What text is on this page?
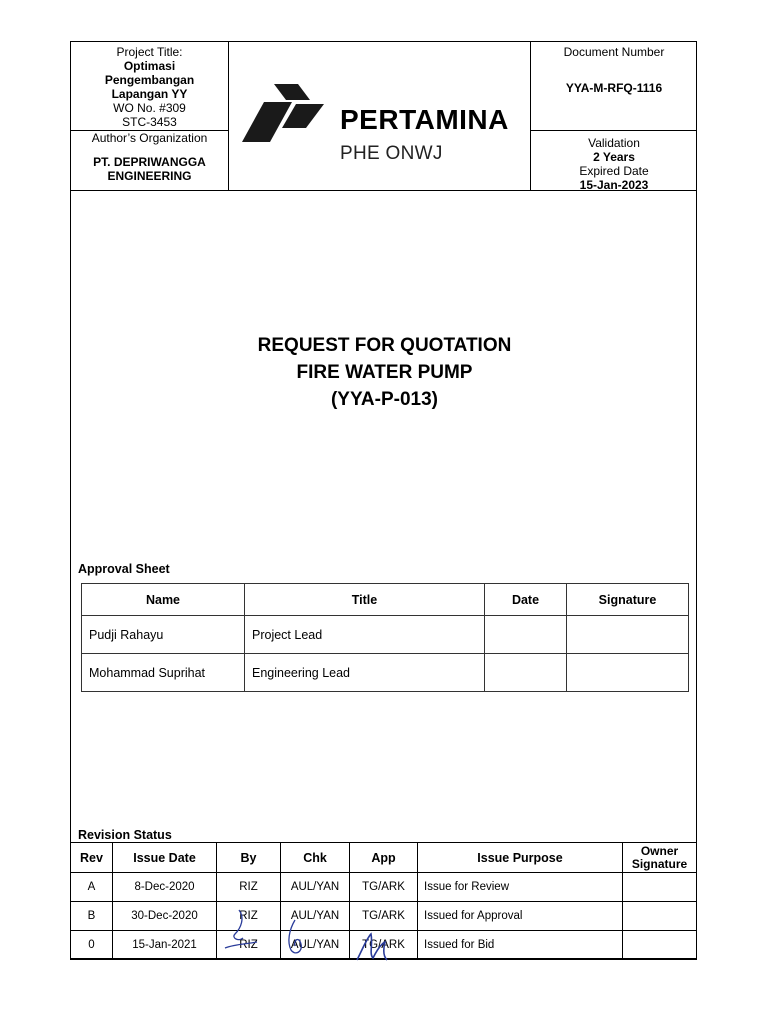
Project Title:
Optimasi
Pengembangan
Lapangan YY
WO No. #309
STC-3453
Author’s Organization
PT. DEPRIWANGGA
ENGINEERING
PERTAMINA
PHE ONWJ
Document Number
YYA-M-RFQ-1116
Validation
2 Years
Expired Date
15-Jan-2023
REQUEST FOR QUOTATION
FIRE WATER PUMP
(YYA-P-013)
Approval Sheet
Name	Title	Date	Signature
Pudji Rahayu	Project Lead		
Mohammad Suprihat	Engineering Lead		
Revision Status
Rev	Issue Date	By	Chk	App	Issue Purpose	Owner Signature
A	8-Dec-2020	RIZ	AUL/YAN	TG/ARK	Issue for Review	
B	30-Dec-2020	RIZ	AUL/YAN	TG/ARK	Issued for Approval	
0	15-Jan-2021	RIZ	AUL/YAN	TG/ARK	Issued for Bid	
